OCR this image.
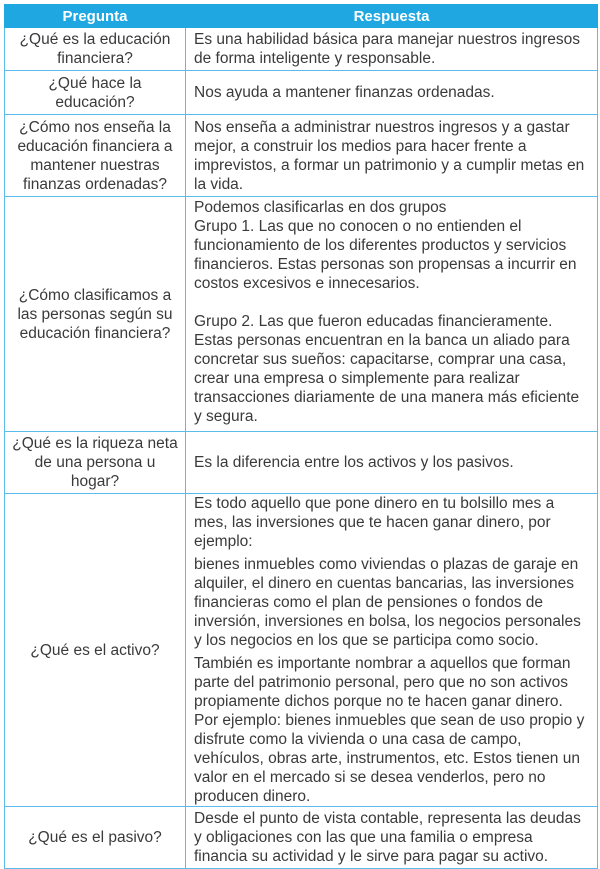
Pregunta	Respuesta
¿Qué es la educación financiera?	Es una habilidad básica para manejar nuestros ingresos de forma inteligente y responsable.

¿Qué hace la educación?	Nos ayuda a mantener finanzas ordenadas.

¿Cómo nos enseña la educación financiera a mantener nuestras finanzas ordenadas?	Nos enseña a administrar nuestros ingresos y a gastar mejor, a construir los medios para hacer frente a imprevistos, a formar un patrimonio y a cumplir metas en la vida.

¿Cómo clasificamos a las personas según su educación financiera?	Podemos clasificarlas en dos grupos
Grupo 1. Las que no conocen o no entienden el funcionamiento de los diferentes productos y servicios financieros. Estas personas son propensas a incurrir en costos excesivos e innecesarios.
Grupo 2. Las que fueron educadas financieramente. Estas personas encuentran en la banca un aliado para concretar sus sueños: capacitarse, comprar una casa, crear una empresa o simplemente para realizar transacciones diariamente de una manera más eficiente y segura.

¿Qué es la riqueza neta de una persona u hogar?	Es la diferencia entre los activos y los pasivos.

¿Qué es el activo?	Es todo aquello que pone dinero en tu bolsillo mes a mes, las inversiones que te hacen ganar dinero, por ejemplo:
bienes inmuebles como viviendas o plazas de garaje en alquiler, el dinero en cuentas bancarias, las inversiones financieras como el plan de pensiones o fondos de inversión, inversiones en bolsa, los negocios personales y los negocios en los que se participa como socio.
También es importante nombrar a aquellos que forman parte del patrimonio personal, pero que no son activos propiamente dichos porque no te hacen ganar dinero.
Por ejemplo: bienes inmuebles que sean de uso propio y disfrute como la vivienda o una casa de campo, vehículos, obras arte, instrumentos, etc. Estos tienen un valor en el mercado si se desea venderlos, pero no producen dinero.

¿Qué es el pasivo?	Desde el punto de vista contable, representa las deudas y obligaciones con las que una familia o empresa financia su actividad y le sirve para pagar su activo.
